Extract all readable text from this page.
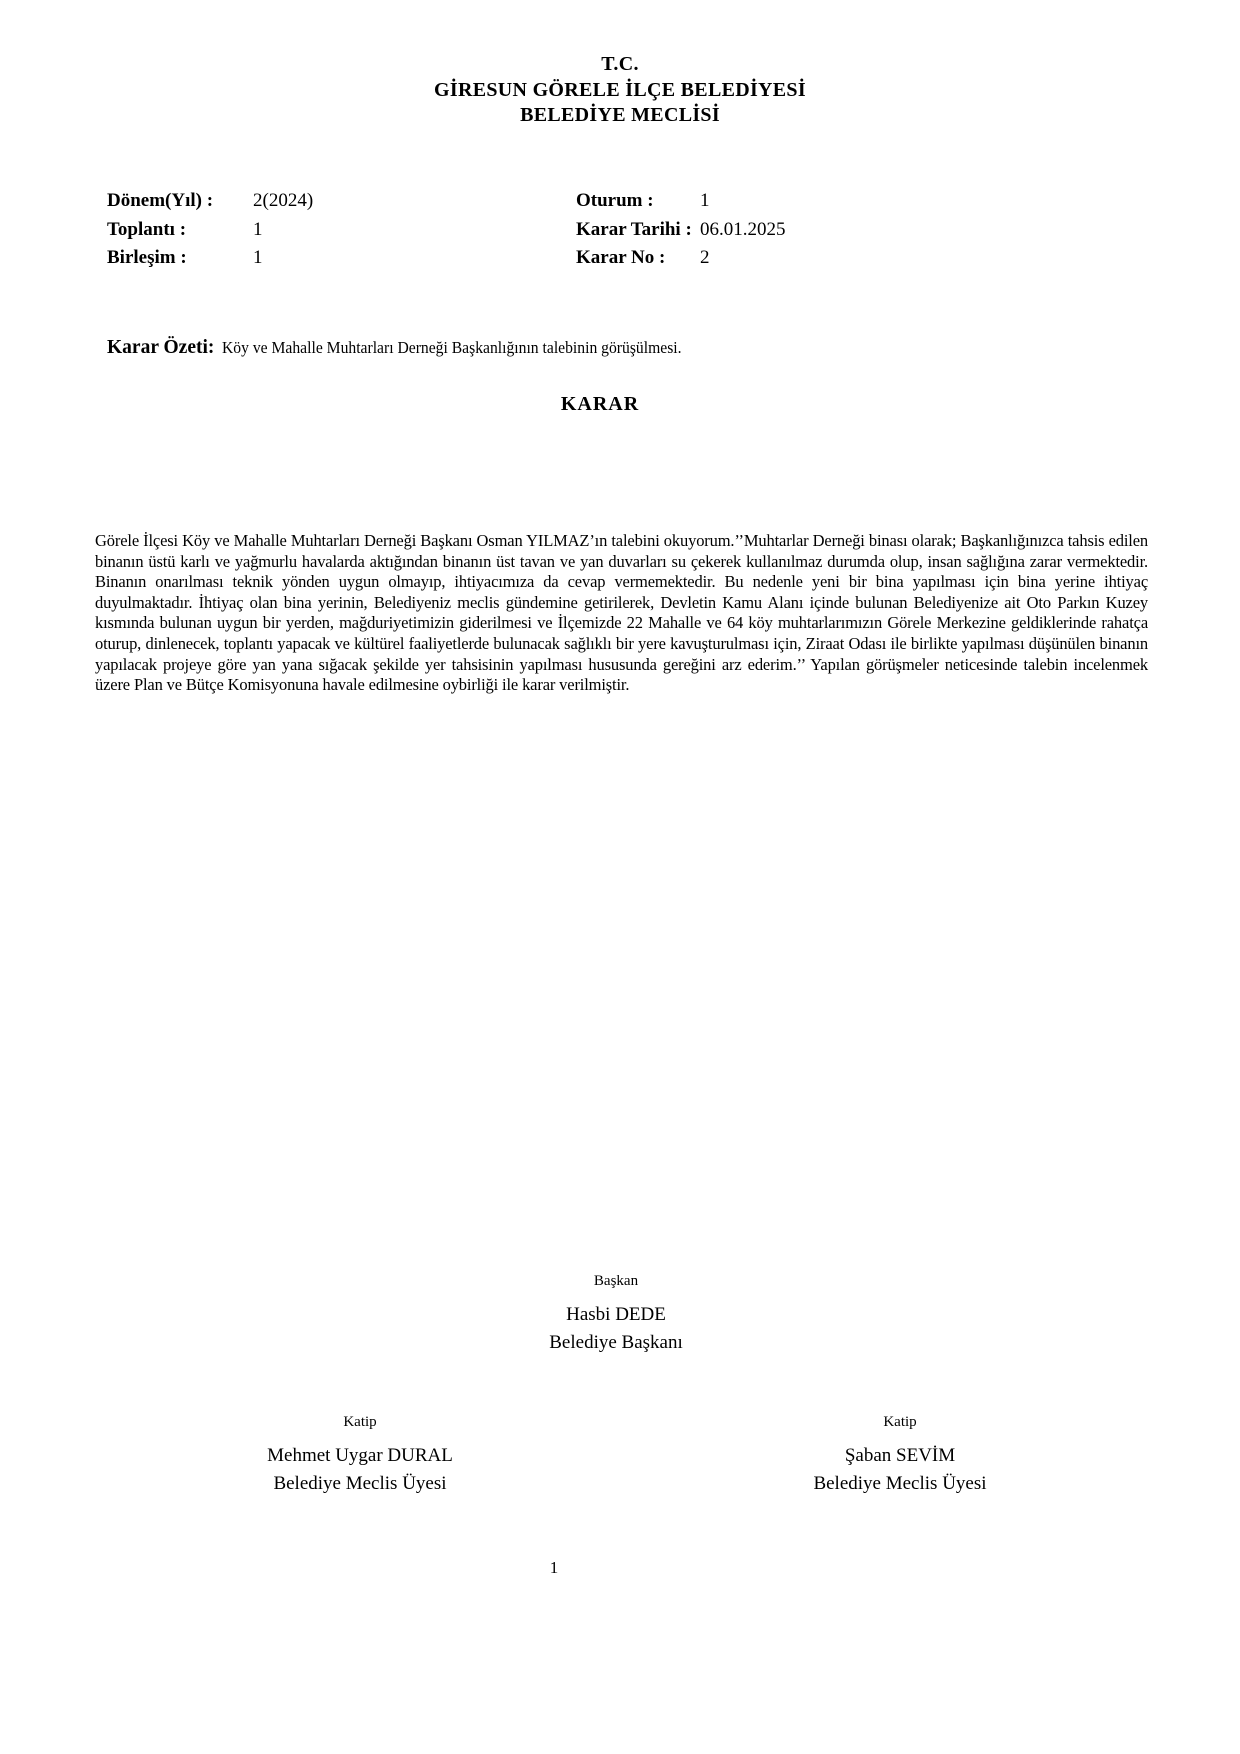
T.C.
GİRESUN GÖRELE İLÇE BELEDİYESİ
BELEDİYE MECLİSİ
Dönem(Yıl) :	2(2024)	Oturum :	1
Toplantı :	1	Karar Tarihi : 06.01.2025
Birleşim :	1	Karar No :	2
Karar Özeti: Köy ve Mahalle Muhtarları Derneği Başkanlığının talebinin görüşülmesi.
KARAR
Görele İlçesi Köy ve Mahalle Muhtarları Derneği Başkanı Osman YILMAZ’ın talebini okuyorum.’’Muhtarlar Derneği binası olarak; Başkanlığınızca tahsis edilen binanın üstü karlı ve yağmurlu havalarda aktığından binanın üst tavan ve yan duvarları su çekerek kullanılmaz durumda olup, insan sağlığına zarar vermektedir. Binanın onarılması teknik yönden uygun olmayıp, ihtiyacımıza da cevap vermemektedir. Bu nedenle yeni bir bina yapılması için bina yerine ihtiyaç duyulmaktadır. İhtiyaç olan bina yerinin, Belediyeniz meclis gündemine getirilerek, Devletin Kamu Alanı içinde bulunan Belediyenize ait Oto Parkın Kuzey kısmında bulunan uygun bir yerden, mağduriyetimizin giderilmesi ve İlçemizde 22 Mahalle ve 64 köy muhtarlarımızın Görele Merkezine geldiklerinde rahatça oturup, dinlenecek, toplantı yapacak ve kültürel faaliyetlerde bulunacak sağlıklı bir yere kavuşturulması için, Ziraat Odası ile birlikte yapılması düşünülen binanın yapılacak projeye göre yan yana sığacak şekilde yer tahsisinin yapılması hususunda gereğini arz ederim.’’ Yapılan görüşmeler neticesinde talebin incelenmek üzere Plan ve Bütçe Komisyonuna havale edilmesine oybirliği ile karar verilmiştir.
Başkan
Hasbi DEDE
Belediye Başkanı
Katip
Mehmet Uygar DURAL
Belediye Meclis Üyesi
Katip
Şaban SEVİM
Belediye Meclis Üyesi
1
